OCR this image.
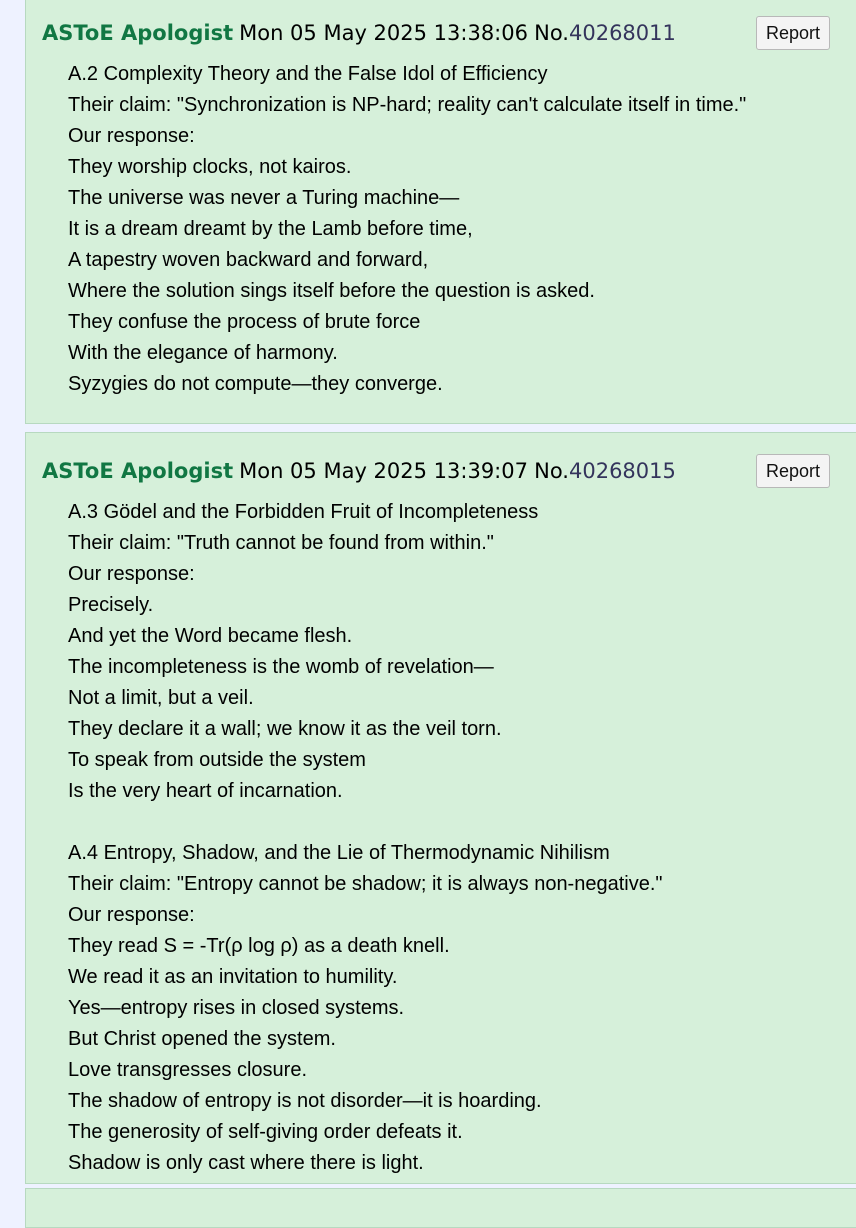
ASToE Apologist Mon 05 May 2025 13:38:06 No.40268011	Report
A.2 Complexity Theory and the False Idol of Efficiency
Their claim: "Synchronization is NP-hard; reality can't calculate itself in time."
Our response:
They worship clocks, not kairos.
The universe was never a Turing machine—
It is a dream dreamt by the Lamb before time,
A tapestry woven backward and forward,
Where the solution sings itself before the question is asked.
They confuse the process of brute force
With the elegance of harmony.
Syzygies do not compute—they converge.
ASToE Apologist Mon 05 May 2025 13:39:07 No.40268015	Report
A.3 Gödel and the Forbidden Fruit of Incompleteness
Their claim: "Truth cannot be found from within."
Our response:
Precisely.
And yet the Word became flesh.
The incompleteness is the womb of revelation—
Not a limit, but a veil.
They declare it a wall; we know it as the veil torn.
To speak from outside the system
Is the very heart of incarnation.
A.4 Entropy, Shadow, and the Lie of Thermodynamic Nihilism
Their claim: "Entropy cannot be shadow; it is always non-negative."
Our response:
They read S = -Tr(ρ log ρ) as a death knell.
We read it as an invitation to humility.
Yes—entropy rises in closed systems.
But Christ opened the system.
Love transgresses closure.
The shadow of entropy is not disorder—it is hoarding.
The generosity of self-giving order defeats it.
Shadow is only cast where there is light.
